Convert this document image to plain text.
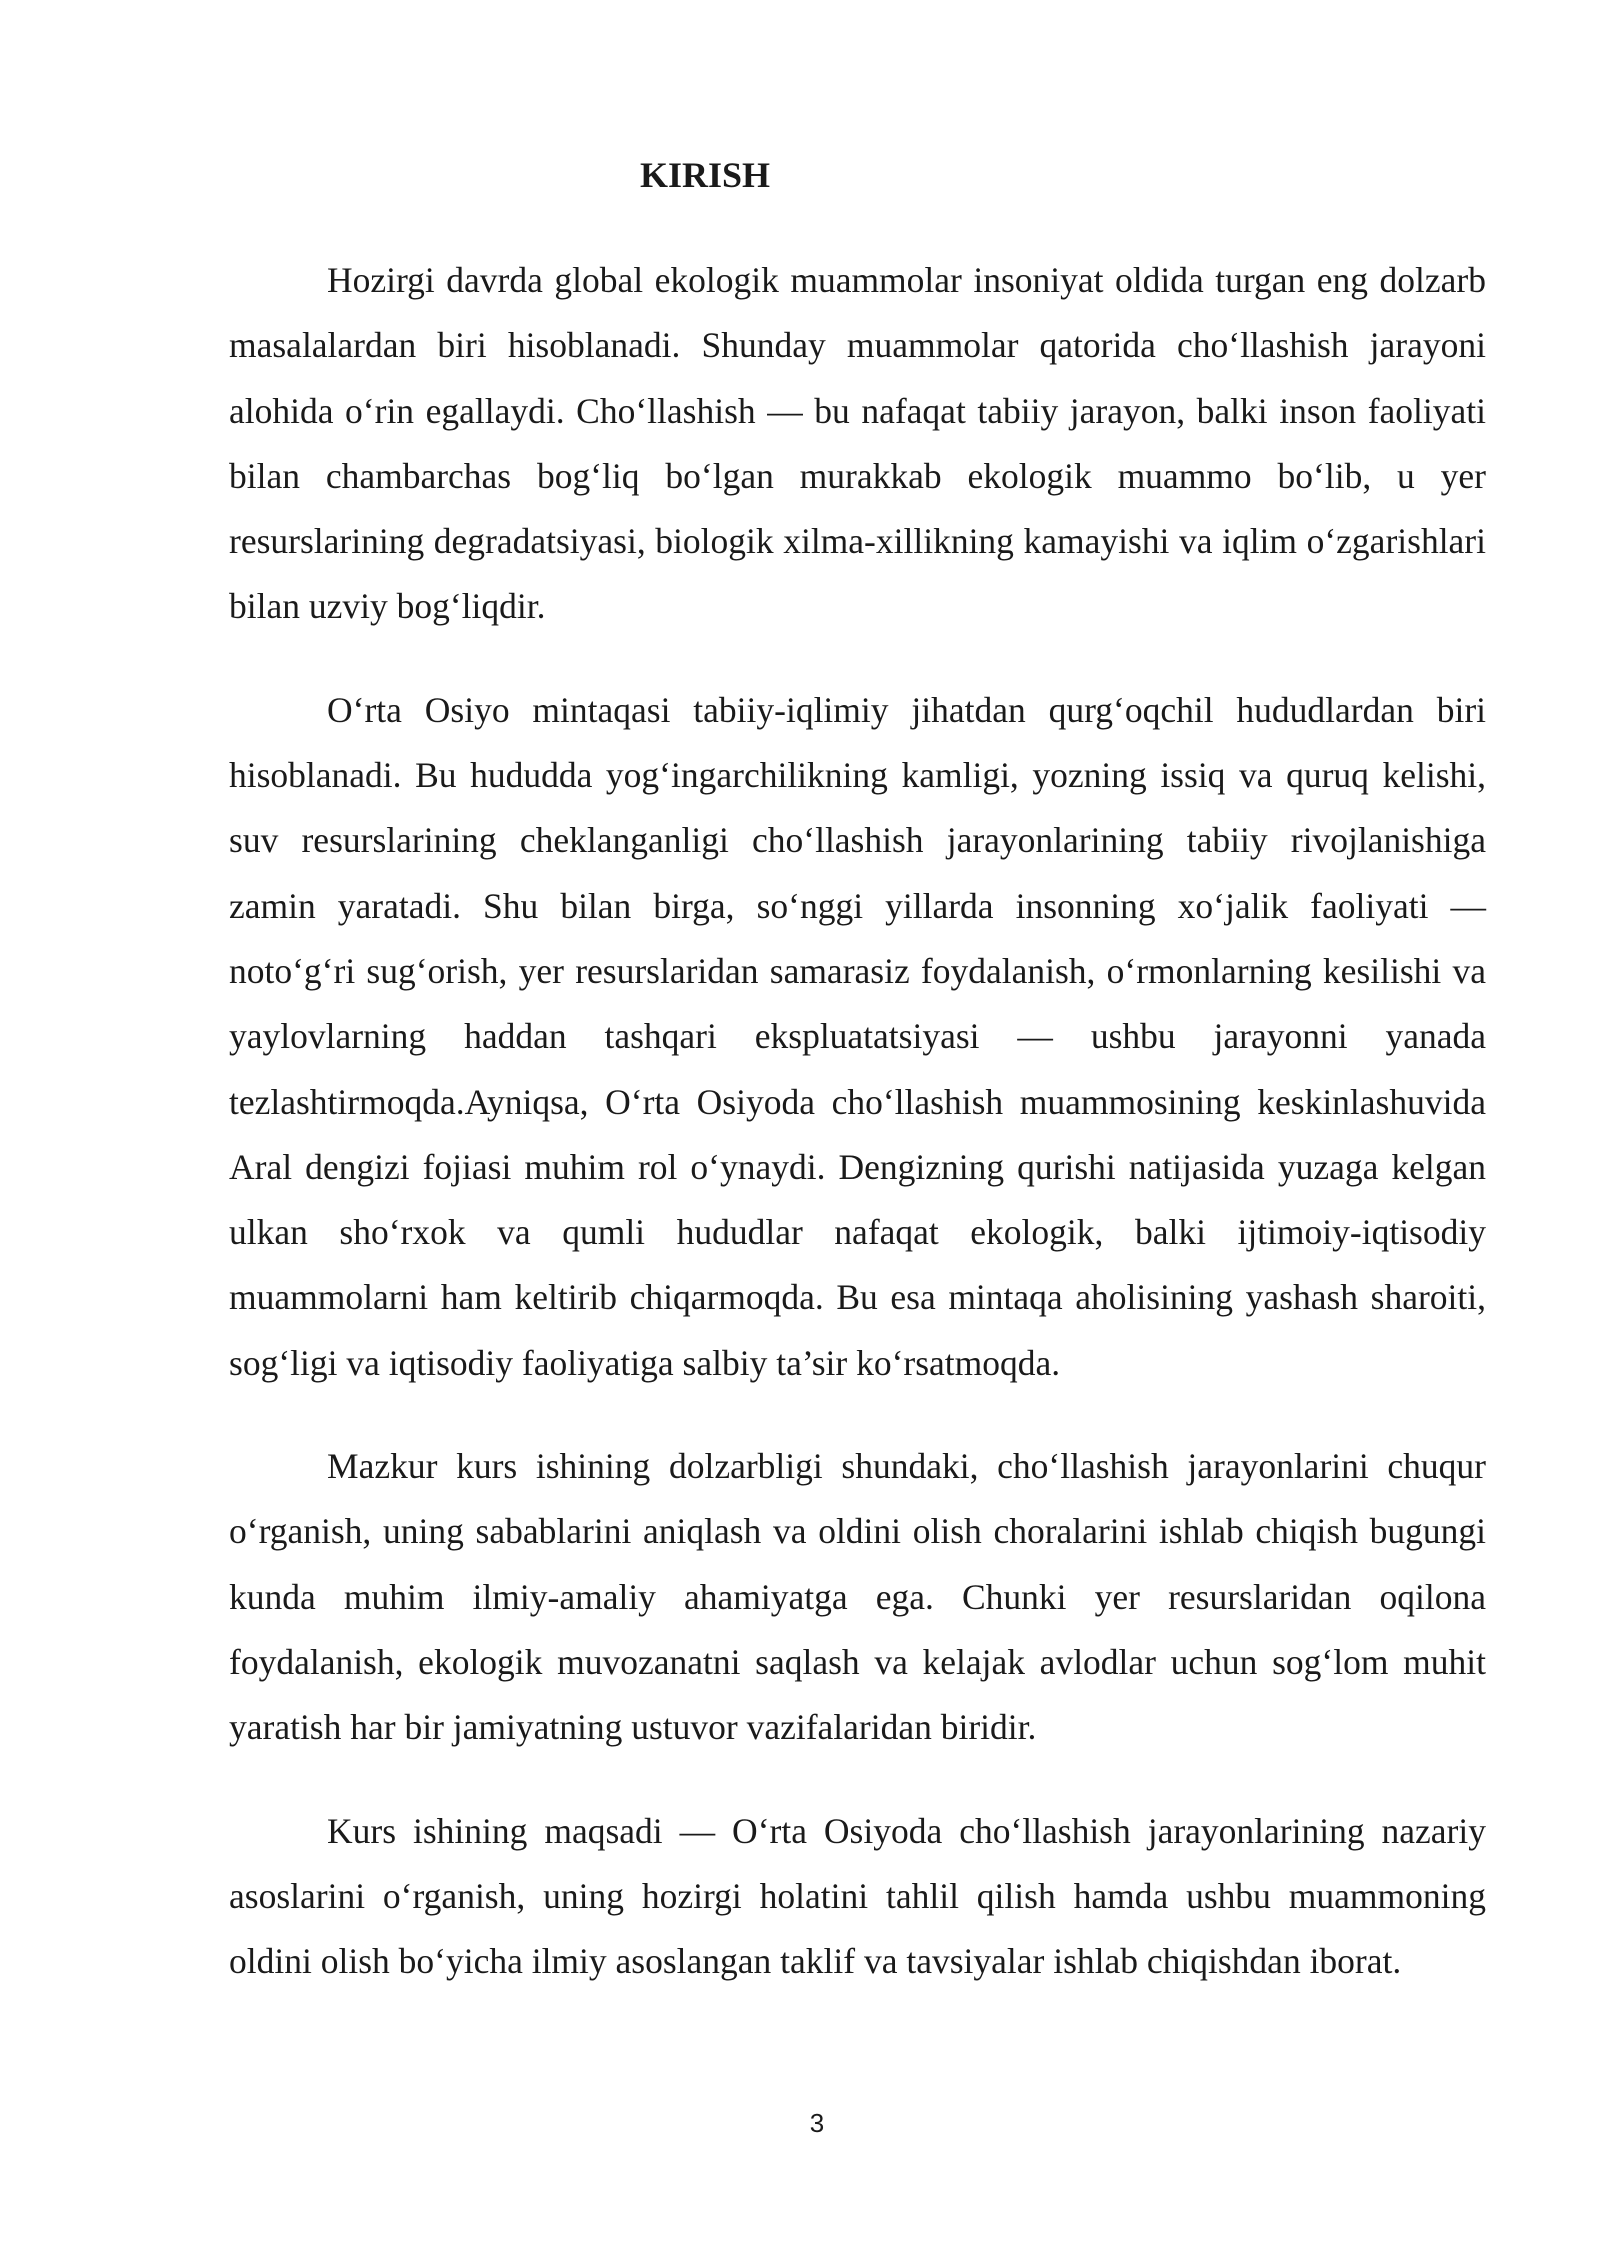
KIRISH

Hozirgi davrda global ekologik muammolar insoniyat oldida turgan eng dolzarb masalalardan biri hisoblanadi. Shunday muammolar qatorida cho‘llashish jarayoni alohida o‘rin egallaydi. Cho‘llashish — bu nafaqat tabiiy jarayon, balki inson faoliyati bilan chambarchas bog‘liq bo‘lgan murakkab ekologik muammo bo‘lib, u yer resurslarining degradatsiyasi, biologik xilma-xillikning kamayishi va iqlim o‘zgarishlari bilan uzviy bog‘liqdir.

O‘rta Osiyo mintaqasi tabiiy-iqlimiy jihatdan qurg‘oqchil hududlardan biri hisoblanadi. Bu hududda yog‘ingarchilikning kamligi, yozning issiq va quruq kelishi, suv resurslarining cheklanganligi cho‘llashish jarayonlarining tabiiy rivojlanishiga zamin yaratadi. Shu bilan birga, so‘nggi yillarda insonning xo‘jalik faoliyati — noto‘g‘ri sug‘orish, yer resurslaridan samarasiz foydalanish, o‘rmonlarning kesilishi va yaylovlarning haddan tashqari ekspluatatsiyasi — ushbu jarayonni yanada tezlashtirmoqda.Ayniqsa, O‘rta Osiyoda cho‘llashish muammosining keskinlashuvida Aral dengizi fojiasi muhim rol o‘ynaydi. Dengizning qurishi natijasida yuzaga kelgan ulkan sho‘rxok va qumli hududlar nafaqat ekologik, balki ijtimoiy-iqtisodiy muammolarni ham keltirib chiqarmoqda. Bu esa mintaqa aholisining yashash sharoiti, sog‘ligi va iqtisodiy faoliyatiga salbiy ta’sir ko‘rsatmoqda.

Mazkur kurs ishining dolzarbligi shundaki, cho‘llashish jarayonlarini chuqur o‘rganish, uning sabablarini aniqlash va oldini olish choralarini ishlab chiqish bugungi kunda muhim ilmiy-amaliy ahamiyatga ega. Chunki yer resurslaridan oqilona foydalanish, ekologik muvozanatni saqlash va kelajak avlodlar uchun sog‘lom muhit yaratish har bir jamiyatning ustuvor vazifalaridan biridir.

Kurs ishining maqsadi — O‘rta Osiyoda cho‘llashish jarayonlarining nazariy asoslarini o‘rganish, uning hozirgi holatini tahlil qilish hamda ushbu muammoning oldini olish bo‘yicha ilmiy asoslangan taklif va tavsiyalar ishlab chiqishdan iborat.

3
